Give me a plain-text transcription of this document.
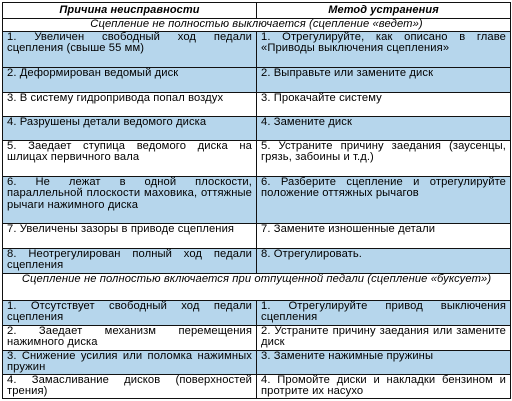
Причина неисправности	Метод устранения
Сцепление не полностью выключается (сцепление «ведет»)	
1. Увеличен свободный ход педали сцепления (свыше 55 мм)	1. Отрегулируйте, как описано в главе «Приводы выключения сцепления»
2. Деформирован ведомый диск	2. Выправьте или замените диск
3. В систему гидропривода попал воздух	3. Прокачайте систему
4. Разрушены детали ведомого диска	4. Замените диск
5. Заедает ступица ведомого диска на шлицах первичного вала	5. Устраните причину заедания (заусенцы, грязь, забоины и т.д.)
6. Не лежат в одной плоскости, параллельной плоскости маховика, оттяжные рычаги нажимного диска	6. Разберите сцепление и отрегулируйте положение оттяжных рычагов
7. Увеличены зазоры в приводе сцепления	7. Замените изношенные детали
8. Неотрегулирован полный ход педали сцепления	8. Отрегулировать.
Сцепление не полностью включается при отпущенной педали (сцепление «буксует»)	
1. Отсутствует свободный ход педали сцепления	1. Отрегулируйте привод выключения сцепления
2. Заедает механизм перемещения нажимного диска	2. Устраните причину заедания или замените диск
3. Снижение усилия или поломка нажимных пружин	3. Замените нажимные пружины
4. Замасливание дисков (поверхностей трения)	4. Промойте диски и накладки бензином и протрите их насухо
